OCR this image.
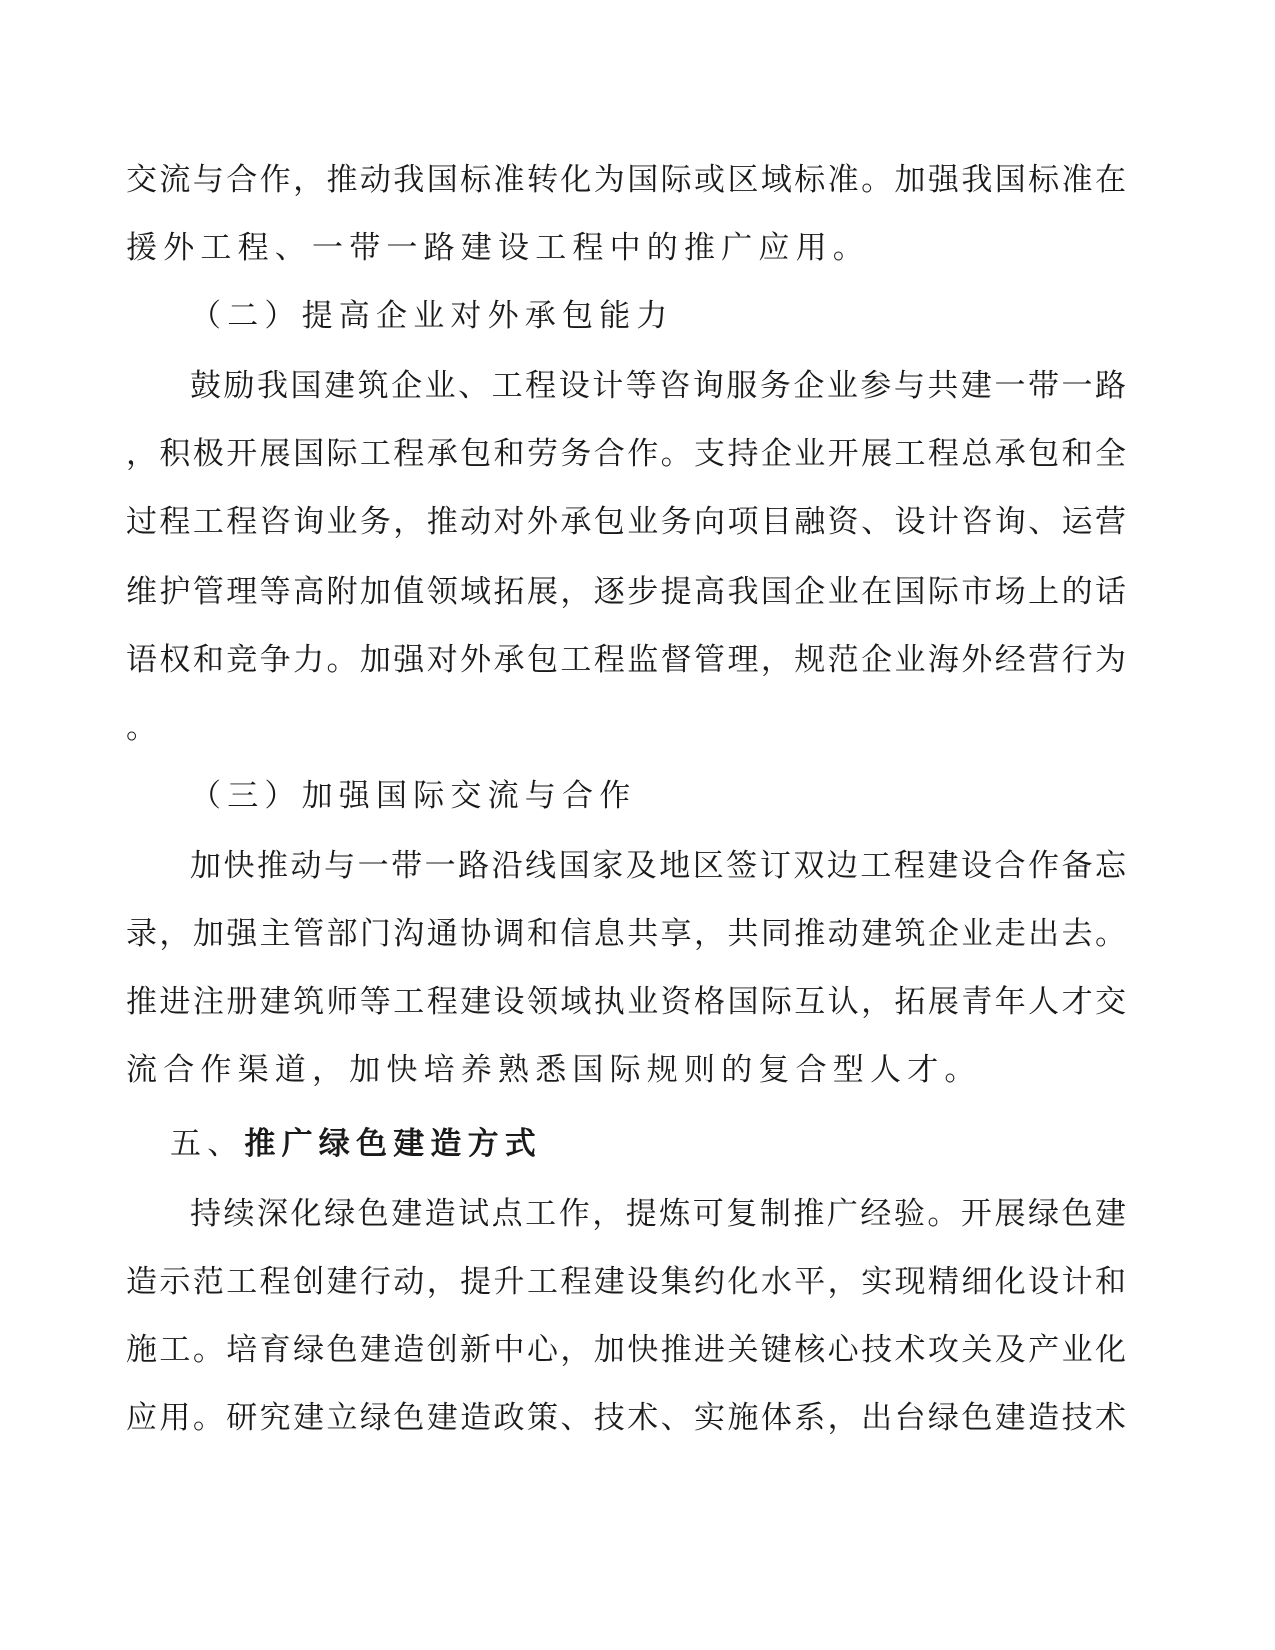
交流与合作，推动我国标准转化为国际或区域标准。加强我国标准在
援外工程、一带一路建设工程中的推广应用。
（二）提高企业对外承包能力
鼓励我国建筑企业、工程设计等咨询服务企业参与共建一带一路
，积极开展国际工程承包和劳务合作。支持企业开展工程总承包和全
过程工程咨询业务，推动对外承包业务向项目融资、设计咨询、运营
维护管理等高附加值领域拓展，逐步提高我国企业在国际市场上的话
语权和竞争力。加强对外承包工程监督管理，规范企业海外经营行为
。
（三）加强国际交流与合作
加快推动与一带一路沿线国家及地区签订双边工程建设合作备忘
录，加强主管部门沟通协调和信息共享，共同推动建筑企业走出去。
推进注册建筑师等工程建设领域执业资格国际互认，拓展青年人才交
流合作渠道，加快培养熟悉国际规则的复合型人才。
五、推广绿色建造方式
持续深化绿色建造试点工作，提炼可复制推广经验。开展绿色建
造示范工程创建行动，提升工程建设集约化水平，实现精细化设计和
施工。培育绿色建造创新中心，加快推进关键核心技术攻关及产业化
应用。研究建立绿色建造政策、技术、实施体系，出台绿色建造技术
